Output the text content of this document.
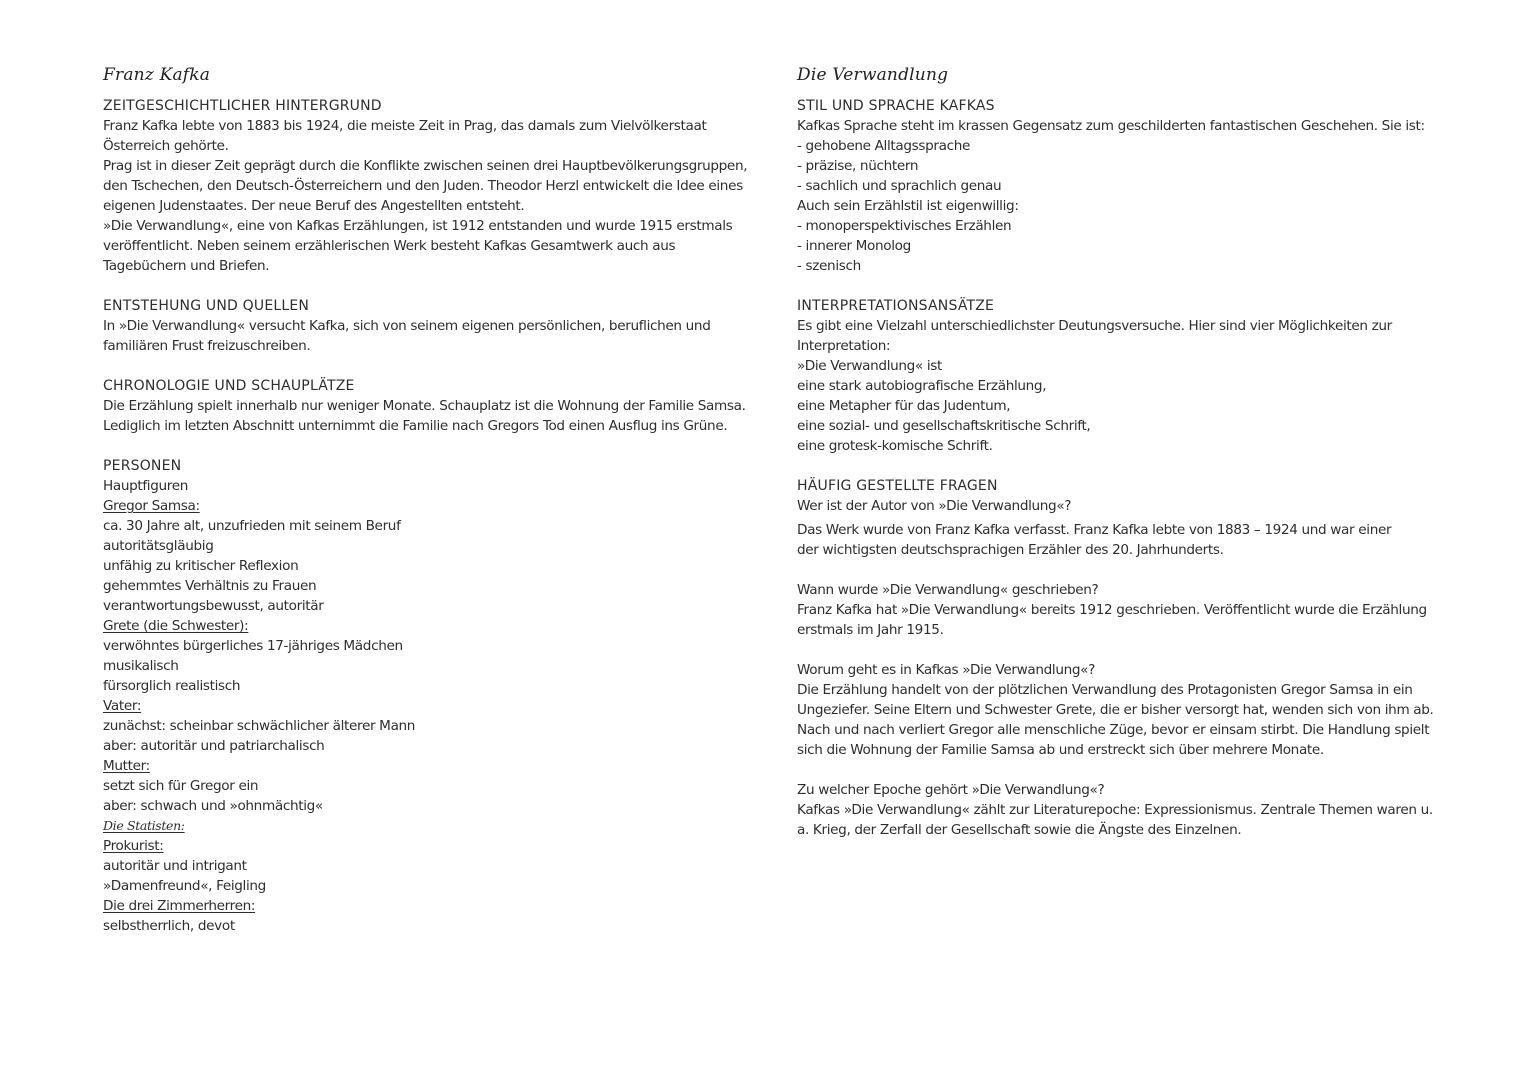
Franz Kafka
ZEITGESCHICHTLICHER HINTERGRUND
Franz Kafka lebte von 1883 bis 1924, die meiste Zeit in Prag, das damals zum Vielvölkerstaat
Österreich gehörte.
Prag ist in dieser Zeit geprägt durch die Konflikte zwischen seinen drei Hauptbevölkerungsgruppen,
den Tschechen, den Deutsch-Österreichern und den Juden. Theodor Herzl entwickelt die Idee eines
eigenen Judenstaates. Der neue Beruf des Angestellten entsteht.
»Die Verwandlung«, eine von Kafkas Erzählungen, ist 1912 entstanden und wurde 1915 erstmals
veröffentlicht. Neben seinem erzählerischen Werk besteht Kafkas Gesamtwerk auch aus
Tagebüchern und Briefen.
ENTSTEHUNG UND QUELLEN
In »Die Verwandlung« versucht Kafka, sich von seinem eigenen persönlichen, beruflichen und
familiären Frust freizuschreiben.
CHRONOLOGIE UND SCHAUPLÄTZE
Die Erzählung spielt innerhalb nur weniger Monate. Schauplatz ist die Wohnung der Familie Samsa.
Lediglich im letzten Abschnitt unternimmt die Familie nach Gregors Tod einen Ausflug ins Grüne.
PERSONEN
Hauptfiguren
Gregor Samsa:
ca. 30 Jahre alt, unzufrieden mit seinem Beruf
autoritätsgläubig
unfähig zu kritischer Reflexion
gehemmtes Verhältnis zu Frauen
verantwortungsbewusst, autoritär
Grete (die Schwester):
verwöhntes bürgerliches 17-jähriges Mädchen
musikalisch
fürsorglich realistisch
Vater:
zunächst: scheinbar schwächlicher älterer Mann
aber: autoritär und patriarchalisch
Mutter:
setzt sich für Gregor ein
aber: schwach und »ohnmächtig«
Die Statisten:
Prokurist:
autoritär und intrigant
»Damenfreund«, Feigling
Die drei Zimmerherren:
selbstherrlich, devot
Die Verwandlung
STIL UND SPRACHE KAFKAS
Kafkas Sprache steht im krassen Gegensatz zum geschilderten fantastischen Geschehen. Sie ist:
- gehobene Alltagssprache
- präzise, nüchtern
- sachlich und sprachlich genau
Auch sein Erzählstil ist eigenwillig:
- monoperspektivisches Erzählen
- innerer Monolog
- szenisch
INTERPRETATIONSANSÄTZE
Es gibt eine Vielzahl unterschiedlichster Deutungsversuche. Hier sind vier Möglichkeiten zur
Interpretation:
»Die Verwandlung« ist
eine stark autobiografische Erzählung,
eine Metapher für das Judentum,
eine sozial- und gesellschaftskritische Schrift,
eine grotesk-komische Schrift.
HÄUFIG GESTELLTE FRAGEN
Wer ist der Autor von »Die Verwandlung«?
Das Werk wurde von Franz Kafka verfasst. Franz Kafka lebte von 1883 – 1924 und war einer
der wichtigsten deutschsprachigen Erzähler des 20. Jahrhunderts.
Wann wurde »Die Verwandlung« geschrieben?
Franz Kafka hat »Die Verwandlung« bereits 1912 geschrieben. Veröffentlicht wurde die Erzählung
erstmals im Jahr 1915.
Worum geht es in Kafkas »Die Verwandlung«?
Die Erzählung handelt von der plötzlichen Verwandlung des Protagonisten Gregor Samsa in ein
Ungeziefer. Seine Eltern und Schwester Grete, die er bisher versorgt hat, wenden sich von ihm ab.
Nach und nach verliert Gregor alle menschliche Züge, bevor er einsam stirbt. Die Handlung spielt
sich die Wohnung der Familie Samsa ab und erstreckt sich über mehrere Monate.
Zu welcher Epoche gehört »Die Verwandlung«?
Kafkas »Die Verwandlung« zählt zur Literaturepoche: Expressionismus. Zentrale Themen waren u.
a. Krieg, der Zerfall der Gesellschaft sowie die Ängste des Einzelnen.
